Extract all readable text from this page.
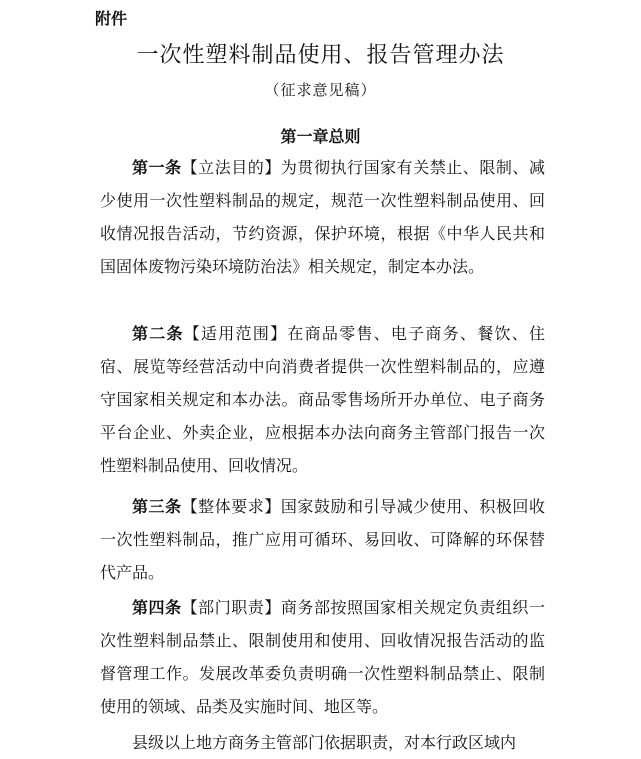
附件
一次性塑料制品使用、报告管理办法
（征求意见稿）
第一章总则
第一条【立法目的】为贯彻执行国家有关禁止、限制、减少使用一次性塑料制品的规定，规范一次性塑料制品使用、回收情况报告活动，节约资源，保护环境，根据《中华人民共和国固体废物污染环境防治法》相关规定，制定本办法。
第二条【适用范围】在商品零售、电子商务、餐饮、住宿、展览等经营活动中向消费者提供一次性塑料制品的，应遵守国家相关规定和本办法。商品零售场所开办单位、电子商务平台企业、外卖企业，应根据本办法向商务主管部门报告一次性塑料制品使用、回收情况。
第三条【整体要求】国家鼓励和引导减少使用、积极回收一次性塑料制品，推广应用可循环、易回收、可降解的环保替代产品。
第四条【部门职责】商务部按照国家相关规定负责组织一次性塑料制品禁止、限制使用和使用、回收情况报告活动的监督管理工作。发展改革委负责明确一次性塑料制品禁止、限制使用的领域、品类及实施时间、地区等。
县级以上地方商务主管部门依据职责，对本行政区域内
